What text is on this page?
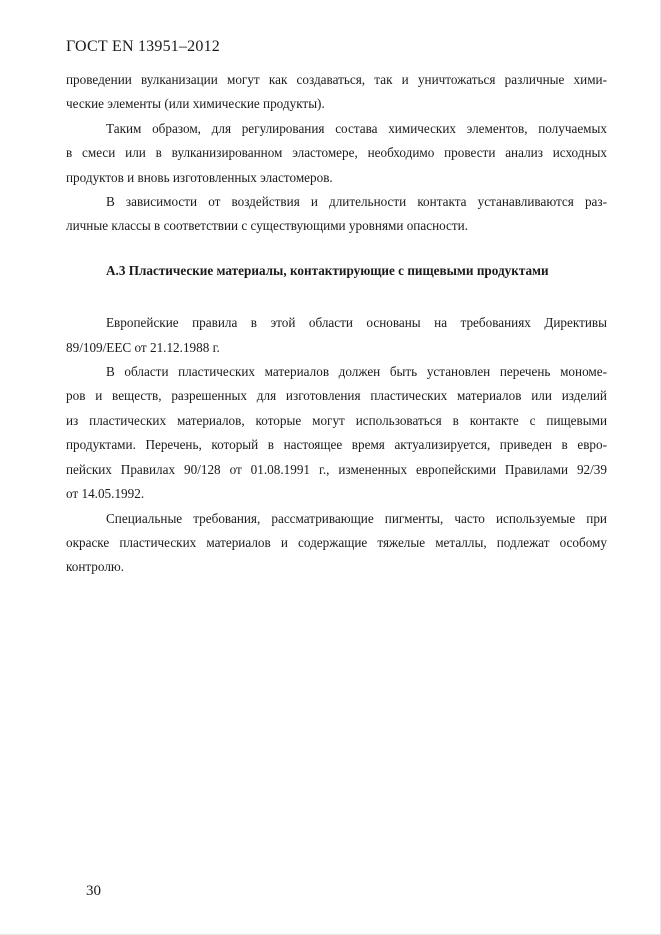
ГОСТ EN 13951–2012
проведении вулканизации могут как создаваться, так и уничтожаться различные хими-
ческие элементы (или химические продукты).
Таким образом, для регулирования состава химических элементов, получаемых
в смеси или в вулканизированном эластомере, необходимо провести анализ исходных
продуктов и вновь изготовленных эластомеров.
В зависимости от воздействия и длительности контакта устанавливаются раз-
личные классы в соответствии с существующими уровнями опасности.
А.3 Пластические материалы, контактирующие с пищевыми продуктами
Европейские правила в этой области основаны на требованиях Директивы
89/109/EEC от 21.12.1988 г.
В области пластических материалов должен быть установлен перечень мономе-
ров и веществ, разрешенных для изготовления пластических материалов или изделий
из пластических материалов, которые могут использоваться в контакте с пищевыми
продуктами. Перечень, который в настоящее время актуализируется, приведен в евро-
пейских Правилах 90/128 от 01.08.1991 г., измененных европейскими Правилами 92/39
от 14.05.1992.
Специальные требования, рассматривающие пигменты, часто используемые при
окраске пластических материалов и содержащие тяжелые металлы, подлежат особому
контролю.
30
